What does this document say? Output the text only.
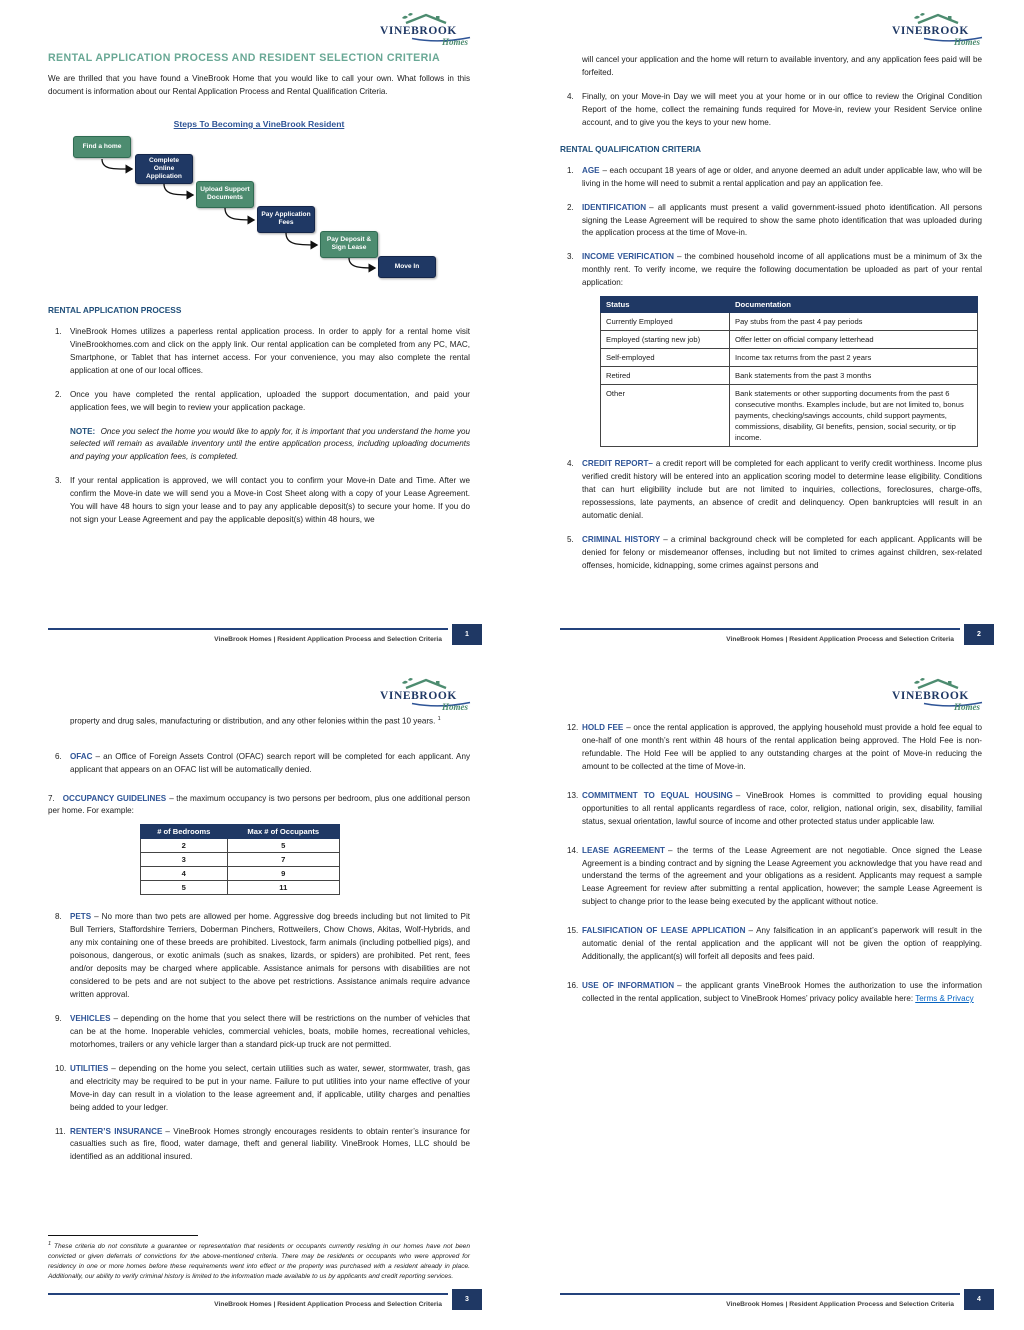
VINEBROOK
Homes
RENTAL APPLICATION PROCESS AND RESIDENT SELECTION CRITERIA
We are thrilled that you have found a VineBrook Home that you would like to call your own. What follows in this document is information about our Rental Application Process and Rental Qualification Criteria.
Steps To Becoming a VineBrook Resident
Find a home
Complete Online Application
Upload Support Documents
Pay Application Fees
Pay Deposit & Sign Lease
Move In
RENTAL APPLICATION PROCESS
1.	VineBrook Homes utilizes a paperless rental application process. In order to apply for a rental home visit VineBrookhomes.com and click on the apply link. Our rental application can be completed from any PC, MAC, Smartphone, or Tablet that has internet access. For your convenience, you may also complete the rental application at one of our local offices.
2.	Once you have completed the rental application, uploaded the support documentation, and paid your application fees, we will begin to review your application package.
NOTE: Once you select the home you would like to apply for, it is important that you understand the home you selected will remain as available inventory until the entire application process, including uploading documents and paying your application fees, is completed.
3.	If your rental application is approved, we will contact you to confirm your Move-in Date and Time. After we confirm the Move-in date we will send you a Move-in Cost Sheet along with a copy of your Lease Agreement. You will have 48 hours to sign your lease and to pay any applicable deposit(s) to secure your home. If you do not sign your Lease Agreement and pay the applicable deposit(s) within 48 hours, we
VineBrook Homes | Resident Application Process and Selection Criteria
1
VINEBROOK
Homes
will cancel your application and the home will return to available inventory, and any application fees paid will be forfeited.
4.	Finally, on your Move-in Day we will meet you at your home or in our office to review the Original Condition Report of the home, collect the remaining funds required for Move-in, review your Resident Service online account, and to give you the keys to your new home.
RENTAL QUALIFICATION CRITERIA
1.	AGE – each occupant 18 years of age or older, and anyone deemed an adult under applicable law, who will be living in the home will need to submit a rental application and pay an application fee.
2.	IDENTIFICATION – all applicants must present a valid government-issued photo identification. All persons signing the Lease Agreement will be required to show the same photo identification that was uploaded during the application process at the time of Move-in.
3.	INCOME VERIFICATION – the combined household income of all applications must be a minimum of 3x the monthly rent. To verify income, we require the following documentation be uploaded as part of your rental application:
Status	Documentation
Currently Employed	Pay stubs from the past 4 pay periods
Employed (starting new job)	Offer letter on official company letterhead
Self-employed	Income tax returns from the past 2 years
Retired	Bank statements from the past 3 months
Other	Bank statements or other supporting documents from the past 6 consecutive months. Examples include, but are not limited to, bonus payments, checking/savings accounts, child support payments, commissions, disability, GI benefits, pension, social security, or tip income.
4.	CREDIT REPORT– a credit report will be completed for each applicant to verify credit worthiness. Income plus verified credit history will be entered into an application scoring model to determine lease eligibility. Conditions that can hurt eligibility include but are not limited to inquiries, collections, foreclosures, charge-offs, repossessions, late payments, an absence of credit and delinquency. Open bankruptcies will result in an automatic denial.
5.	CRIMINAL HISTORY – a criminal background check will be completed for each applicant. Applicants will be denied for felony or misdemeanor offenses, including but not limited to crimes against children, sex-related offenses, homicide, kidnapping, some crimes against persons and
VineBrook Homes | Resident Application Process and Selection Criteria
2
VINEBROOK
Homes
property and drug sales, manufacturing or distribution, and any other felonies within the past 10 years. $^1$
6.	OFAC – an Office of Foreign Assets Control (OFAC) search report will be completed for each applicant. Any applicant that appears on an OFAC list will be automatically denied.
7. OCCUPANCY GUIDELINES – the maximum occupancy is two persons per bedroom, plus one additional person per home. For example:
# of Bedrooms	Max # of Occupants
2	5
3	7
4	9
5	11
8.	PETS – No more than two pets are allowed per home. Aggressive dog breeds including but not limited to Pit Bull Terriers, Staffordshire Terriers, Doberman Pinchers, Rottweilers, Chow Chows, Akitas, Wolf-Hybrids, and any mix containing one of these breeds are prohibited. Livestock, farm animals (including potbellied pigs), and poisonous, dangerous, or exotic animals (such as snakes, lizards, or spiders) are prohibited. Pet rent, fees and/or deposits may be charged where applicable. Assistance animals for persons with disabilities are not considered to be pets and are not subject to the above pet restrictions. Assistance animals require advance written approval.
9.	VEHICLES – depending on the home that you select there will be restrictions on the number of vehicles that can be at the home. Inoperable vehicles, commercial vehicles, boats, mobile homes, recreational vehicles, motorhomes, trailers or any vehicle larger than a standard pick-up truck are not permitted.
10. UTILITIES – depending on the home you select, certain utilities such as water, sewer, stormwater, trash, gas and electricity may be required to be put in your name. Failure to put utilities into your name effective of your Move-in day can result in a violation to the lease agreement and, if applicable, utility charges and penalties being added to your ledger.
11. RENTER’S INSURANCE – VineBrook Homes strongly encourages residents to obtain renter’s insurance for casualties such as fire, flood, water damage, theft and general liability. VineBrook Homes, LLC should be identified as an additional insured.
$^1$ These criteria do not constitute a guarantee or representation that residents or occupants currently residing in our homes have not been convicted or given deferrals of convictions for the above-mentioned criteria. There may be residents or occupants who were approved for residency in one or more homes before these requirements went into effect or the property was purchased with a resident already in place. Additionally, our ability to verify criminal history is limited to the information made available to us by applicants and credit reporting services.
VineBrook Homes | Resident Application Process and Selection Criteria
3
VINEBROOK
Homes
12. HOLD FEE – once the rental application is approved, the applying household must provide a hold fee equal to one-half of one month’s rent within 48 hours of the rental application being approved. The Hold Fee is non-refundable. The Hold Fee will be applied to any outstanding charges at the point of Move-in reducing the amount to be collected at the time of Move-in.
13. COMMITMENT TO EQUAL HOUSING – VineBrook Homes is committed to providing equal housing opportunities to all rental applicants regardless of race, color, religion, national origin, sex, disability, familial status, sexual orientation, lawful source of income and other protected status under applicable law.
14. LEASE AGREEMENT – the terms of the Lease Agreement are not negotiable. Once signed the Lease Agreement is a binding contract and by signing the Lease Agreement you acknowledge that you have read and understand the terms of the agreement and your obligations as a resident. Applicants may request a sample Lease Agreement for review after submitting a rental application, however; the sample Lease Agreement is subject to change prior to the lease being executed by the applicant without notice.
15. FALSIFICATION OF LEASE APPLICATION – Any falsification in an applicant’s paperwork will result in the automatic denial of the rental application and the applicant will not be given the option of reapplying. Additionally, the applicant(s) will forfeit all deposits and fees paid.
16. USE OF INFORMATION – the applicant grants VineBrook Homes the authorization to use the information collected in the rental application, subject to VineBrook Homes’ privacy policy available here: Terms & Privacy
VineBrook Homes | Resident Application Process and Selection Criteria
4
